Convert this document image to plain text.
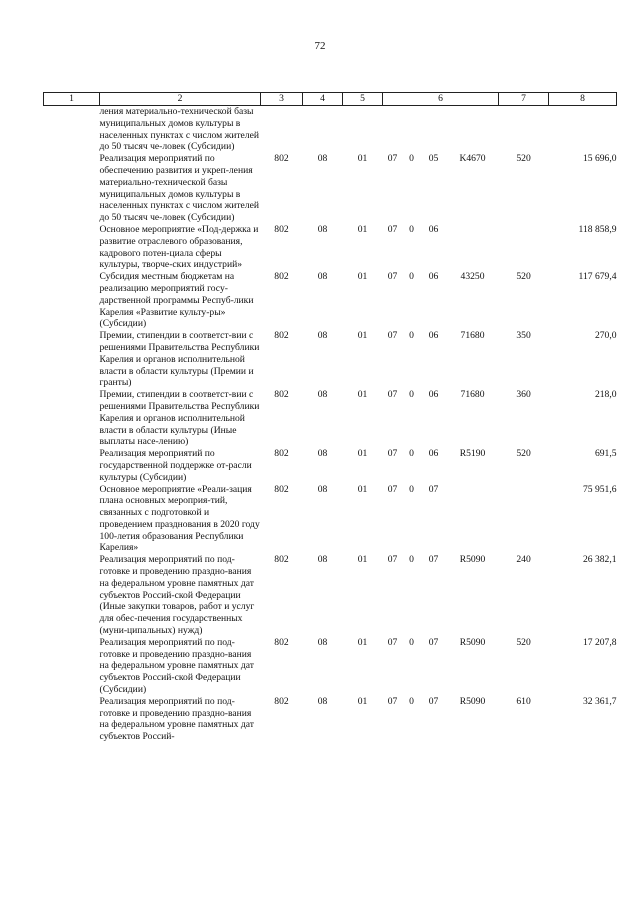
72
1	2	3	4	5	6				7	8
	ления материально-технической базы муниципальных домов культуры в населенных пунктах с числом жителей до 50 тысяч че-ловек (Субсидии)									
	Реализация мероприятий по обеспечению развития и укреп-ления материально-технической базы муниципальных домов культуры в населенных пунктах с числом жителей до 50 тысяч че-ловек (Субсидии)	802	08	01	07	0	05	K4670	520	15 696,0
	Основное мероприятие «Под-держка и развитие отраслевого образования, кадрового потен-циала сферы культуры, творче-ских индустрий»	802	08	01	07	0	06			118 858,9
	Субсидия местным бюджетам на реализацию мероприятий госу-дарственной программы Респуб-лики Карелия «Развитие культу-ры» (Субсидии)	802	08	01	07	0	06	43250	520	117 679,4
	Премии, стипендии в соответст-вии с решениями Правительства Республики Карелия и органов исполнительной власти в области культуры (Премии и гранты)	802	08	01	07	0	06	71680	350	270,0
	Премии, стипендии в соответст-вии с решениями Правительства Республики Карелия и органов исполнительной власти в области культуры (Иные выплаты насе-лению)	802	08	01	07	0	06	71680	360	218,0
	Реализация мероприятий по государственной поддержке от-расли культуры (Субсидии)	802	08	01	07	0	06	R5190	520	691,5
	Основное мероприятие «Реали-зация плана основных мероприя-тий, связанных с подготовкой и проведением празднования в 2020 году 100-летия образования Республики Карелия»	802	08	01	07	0	07			75 951,6
	Реализация мероприятий по под-готовке и проведению праздно-вания на федеральном уровне памятных дат субъектов Россий-ской Федерации (Иные закупки товаров, работ и услуг для обес-печения государственных (муни-ципальных) нужд)	802	08	01	07	0	07	R5090	240	26 382,1
	Реализация мероприятий по под-готовке и проведению праздно-вания на федеральном уровне памятных дат субъектов Россий-ской Федерации (Субсидии)	802	08	01	07	0	07	R5090	520	17 207,8
	Реализация мероприятий по под-готовке и проведению праздно-вания на федеральном уровне памятных дат субъектов Россий-	802	08	01	07	0	07	R5090	610	32 361,7
